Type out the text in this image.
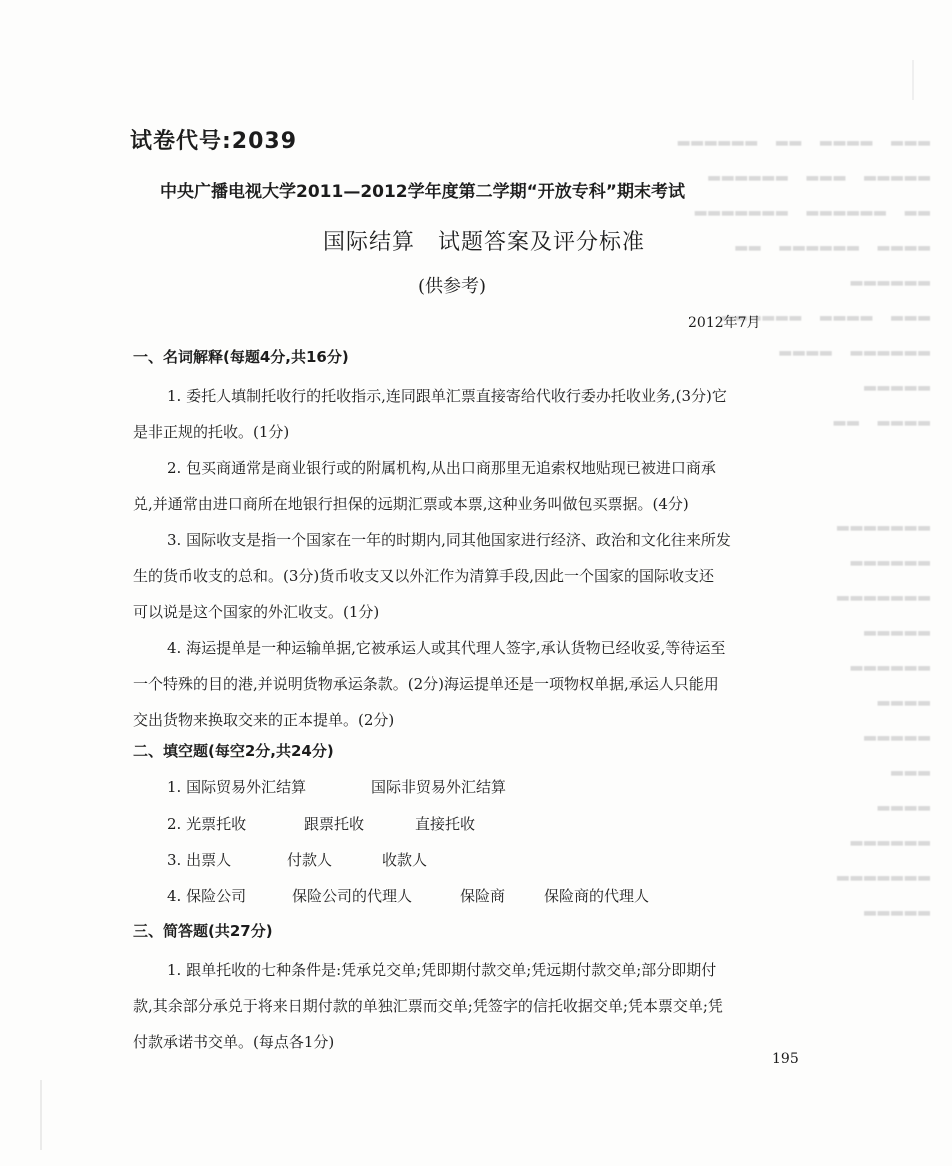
▂▂▂　▂▂▂▂　▂▂　▂▂▂▂▂▂
▂▂▂▂▂　▂▂▂　▂▂▂▂▂▂
▂▂　▂▂▂▂▂▂　▂▂▂▂▂▂▂
▂▂▂▂　▂▂▂▂▂▂　▂▂
▂▂▂▂▂▂
▂▂▂　▂▂▂▂　▂▂▂▂▂▂
▂▂▂▂▂▂　▂▂▂▂
▂▂▂▂▂
▂▂▂▂　▂▂

▂▂▂▂▂▂▂
▂▂▂▂▂▂
▂▂▂▂▂▂▂
▂▂▂▂▂
▂▂▂▂▂▂
▂▂▂▂
▂▂▂▂▂
▂▂▂
▂▂▂▂
▂▂▂▂▂▂
▂▂▂▂▂▂▂
▂▂▂▂▂
试卷代号:2039
中央广播电视大学2011—2012学年度第二学期“开放专科”期末考试
国际结算　试题答案及评分标准
(供参考)
2012年7月
一、名词解释(每题4分,共16分)
1. 委托人填制托收行的托收指示,连同跟单汇票直接寄给代收行委办托收业务,(3分)它
是非正规的托收。(1分)
2. 包买商通常是商业银行或的附属机构,从出口商那里无追索权地贴现已被进口商承
兑,并通常由进口商所在地银行担保的远期汇票或本票,这种业务叫做包买票据。(4分)
3. 国际收支是指一个国家在一年的时期内,同其他国家进行经济、政治和文化往来所发
生的货币收支的总和。(3分)货币收支又以外汇作为清算手段,因此一个国家的国际收支还
可以说是这个国家的外汇收支。(1分)
4. 海运提单是一种运输单据,它被承运人或其代理人签字,承认货物已经收妥,等待运至
一个特殊的目的港,并说明货物承运条款。(2分)海运提单还是一项物权单据,承运人只能用
交出货物来换取交来的正本提单。(2分)
二、填空题(每空2分,共24分)
1. 国际贸易外汇结算	国际非贸易外汇结算
2. 光票托收	跟票托收	直接托收
3. 出票人	付款人	收款人
4. 保险公司	保险公司的代理人	保险商	保险商的代理人
三、简答题(共27分)
1. 跟单托收的七种条件是:凭承兑交单;凭即期付款交单;凭远期付款交单;部分即期付
款,其余部分承兑于将来日期付款的单独汇票而交单;凭签字的信托收据交单;凭本票交单;凭
付款承诺书交单。(每点各1分)
195
